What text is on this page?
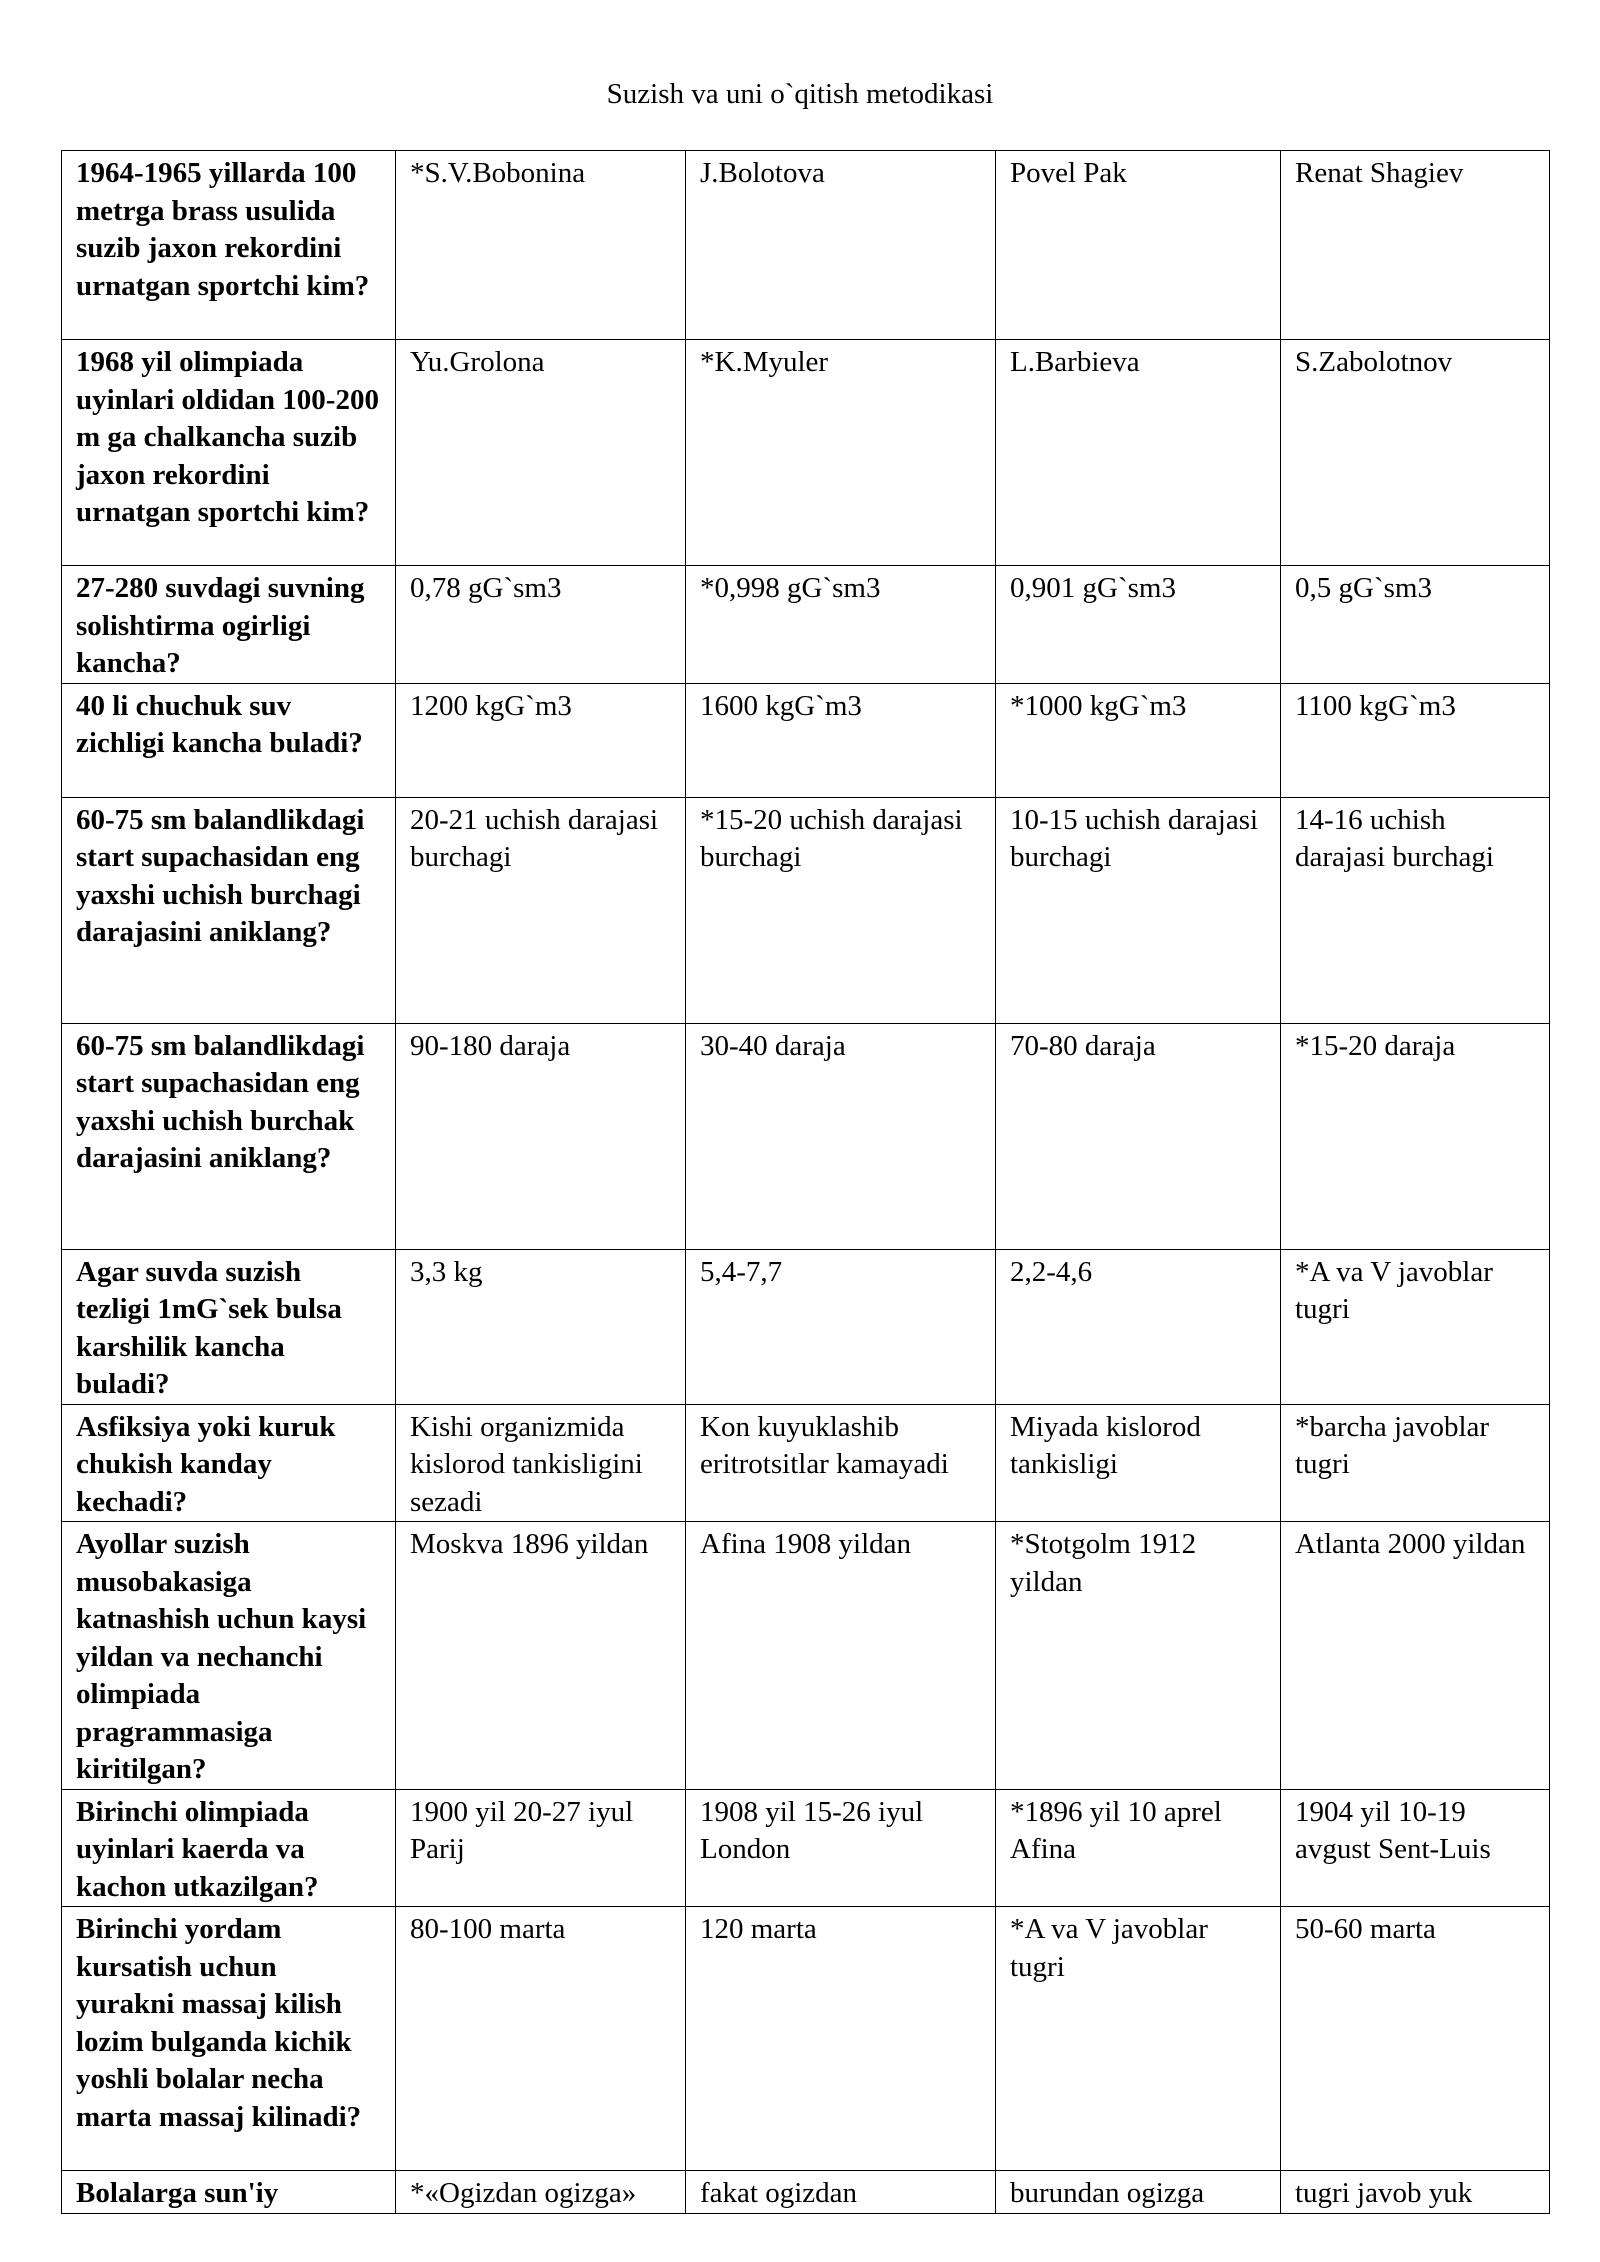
Suzish va uni o`qitish metodikasi
1964-1965 yillarda 100 metrga brass usulida suzib jaxon rekordini urnatgan sportchi kim?	*S.V.Bobonina	J.Bolotova	Povel Pak	Renat Shagiev
1968 yil olimpiada uyinlari oldidan 100-200 m ga chalkancha suzib jaxon rekordini urnatgan sportchi kim?	Yu.Grolona	*K.Myuler	L.Barbieva	S.Zabolotnov
27-280 suvdagi suvning solishtirma ogirligi kancha?	0,78 gG`sm3	*0,998 gG`sm3	0,901 gG`sm3	0,5 gG`sm3
40 li chuchuk suv zichligi kancha buladi?	1200 kgG`m3	1600 kgG`m3	*1000 kgG`m3	1100 kgG`m3
60-75 sm balandlikdagi start supachasidan eng yaxshi uchish burchagi darajasini aniklang?	20-21 uchish darajasi burchagi	*15-20 uchish darajasi burchagi	10-15 uchish darajasi burchagi	14-16 uchish darajasi burchagi
60-75 sm balandlikdagi start supachasidan eng yaxshi uchish burchak darajasini aniklang?	90-180 daraja	30-40 daraja	70-80 daraja	*15-20 daraja
Agar suvda suzish tezligi 1mG`sek bulsa karshilik kancha buladi?	3,3 kg	5,4-7,7	2,2-4,6	*A va V javoblar tugri
Asfiksiya yoki kuruk chukish kanday kechadi?	Kishi organizmida kislorod tankisligini sezadi	Kon kuyuklashib eritrotsitlar kamayadi	Miyada kislorod tankisligi	*barcha javoblar tugri
Ayollar suzish musobakasiga katnashish uchun kaysi yildan va nechanchi olimpiada pragrammasiga kiritilgan?	Moskva 1896 yildan	Afina 1908 yildan	*Stotgolm 1912 yildan	Atlanta 2000 yildan
Birinchi olimpiada uyinlari kaerda va kachon utkazilgan?	1900 yil 20-27 iyul Parij	1908 yil 15-26 iyul London	*1896 yil 10 aprel Afina	1904 yil 10-19 avgust Sent-Luis
Birinchi yordam kursatish uchun yurakni massaj kilish lozim bulganda kichik yoshli bolalar necha marta massaj kilinadi?	80-100 marta	120 marta	*A va V javoblar tugri	50-60 marta
Bolalarga sun'iy	*«Ogizdan ogizga»	fakat ogizdan	burundan ogizga	tugri javob yuk
